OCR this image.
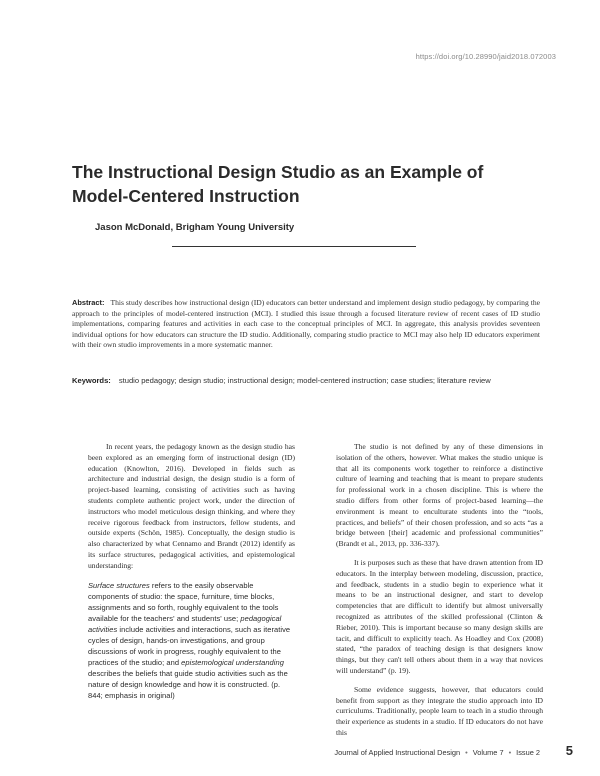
https://doi.org/10.28990/jaid2018.072003
The Instructional Design Studio as an Example of Model-Centered Instruction
Jason McDonald, Brigham Young University
Abstract: This study describes how instructional design (ID) educators can better understand and implement design studio pedagogy, by comparing the approach to the principles of model-centered instruction (MCI). I studied this issue through a focused literature review of recent cases of ID studio implementations, comparing features and activities in each case to the conceptual principles of MCI. In aggregate, this analysis provides seventeen individual options for how educators can structure the ID studio. Additionally, comparing studio practice to MCI may also help ID educators experiment with their own studio improvements in a more systematic manner.
Keywords: studio pedagogy; design studio; instructional design; model-centered instruction; case studies; literature review

In recent years, the pedagogy known as the design studio has been explored as an emerging form of instructional design (ID) education (Knowlton, 2016). Developed in fields such as architecture and industrial design, the design studio is a form of project-based learning, consisting of activities such as having students complete authentic project work, under the direction of instructors who model meticulous design thinking, and where they receive rigorous feedback from instructors, fellow students, and outside experts (Schön, 1985). Conceptually, the design studio is also characterized by what Cennamo and Brandt (2012) identify as its surface structures, pedagogical activities, and epistemological understanding:

Surface structures refers to the easily observable components of studio: the space, furniture, time blocks, assignments and so forth, roughly equivalent to the tools available for the teachers' and students' use; pedagogical activities include activities and interactions, such as iterative cycles of design, hands-on investigations, and group discussions of work in progress, roughly equivalent to the practices of the studio; and epistemological understanding describes the beliefs that guide studio activities such as the nature of design knowledge and how it is constructed. (p. 844; emphasis in original)

The studio is not defined by any of these dimensions in isolation of the others, however. What makes the studio unique is that all its components work together to reinforce a distinctive culture of learning and teaching that is meant to prepare students for professional work in a chosen discipline. This is where the studio differs from other forms of project-based learning—the environment is meant to enculturate students into the “tools, practices, and beliefs” of their chosen profession, and so acts “as a bridge between [their] academic and professional communities” (Brandt et al., 2013, pp. 336-337).

It is purposes such as these that have drawn attention from ID educators. In the interplay between modeling, discussion, practice, and feedback, students in a studio begin to experience what it means to be an instructional designer, and start to develop competencies that are difficult to identify but almost universally recognized as attributes of the skilled professional (Clinton & Rieber, 2010). This is important because so many design skills are tacit, and difficult to explicitly teach. As Hoadley and Cox (2008) stated, “the paradox of teaching design is that designers know things, but they can't tell others about them in a way that novices will understand” (p. 19).

Some evidence suggests, however, that educators could benefit from support as they integrate the studio approach into ID curriculums. Traditionally, people learn to teach in a studio through their experience as students in a studio. If ID educators do not have this

Journal of Applied Instructional Design • Volume 7 • Issue 2 5
